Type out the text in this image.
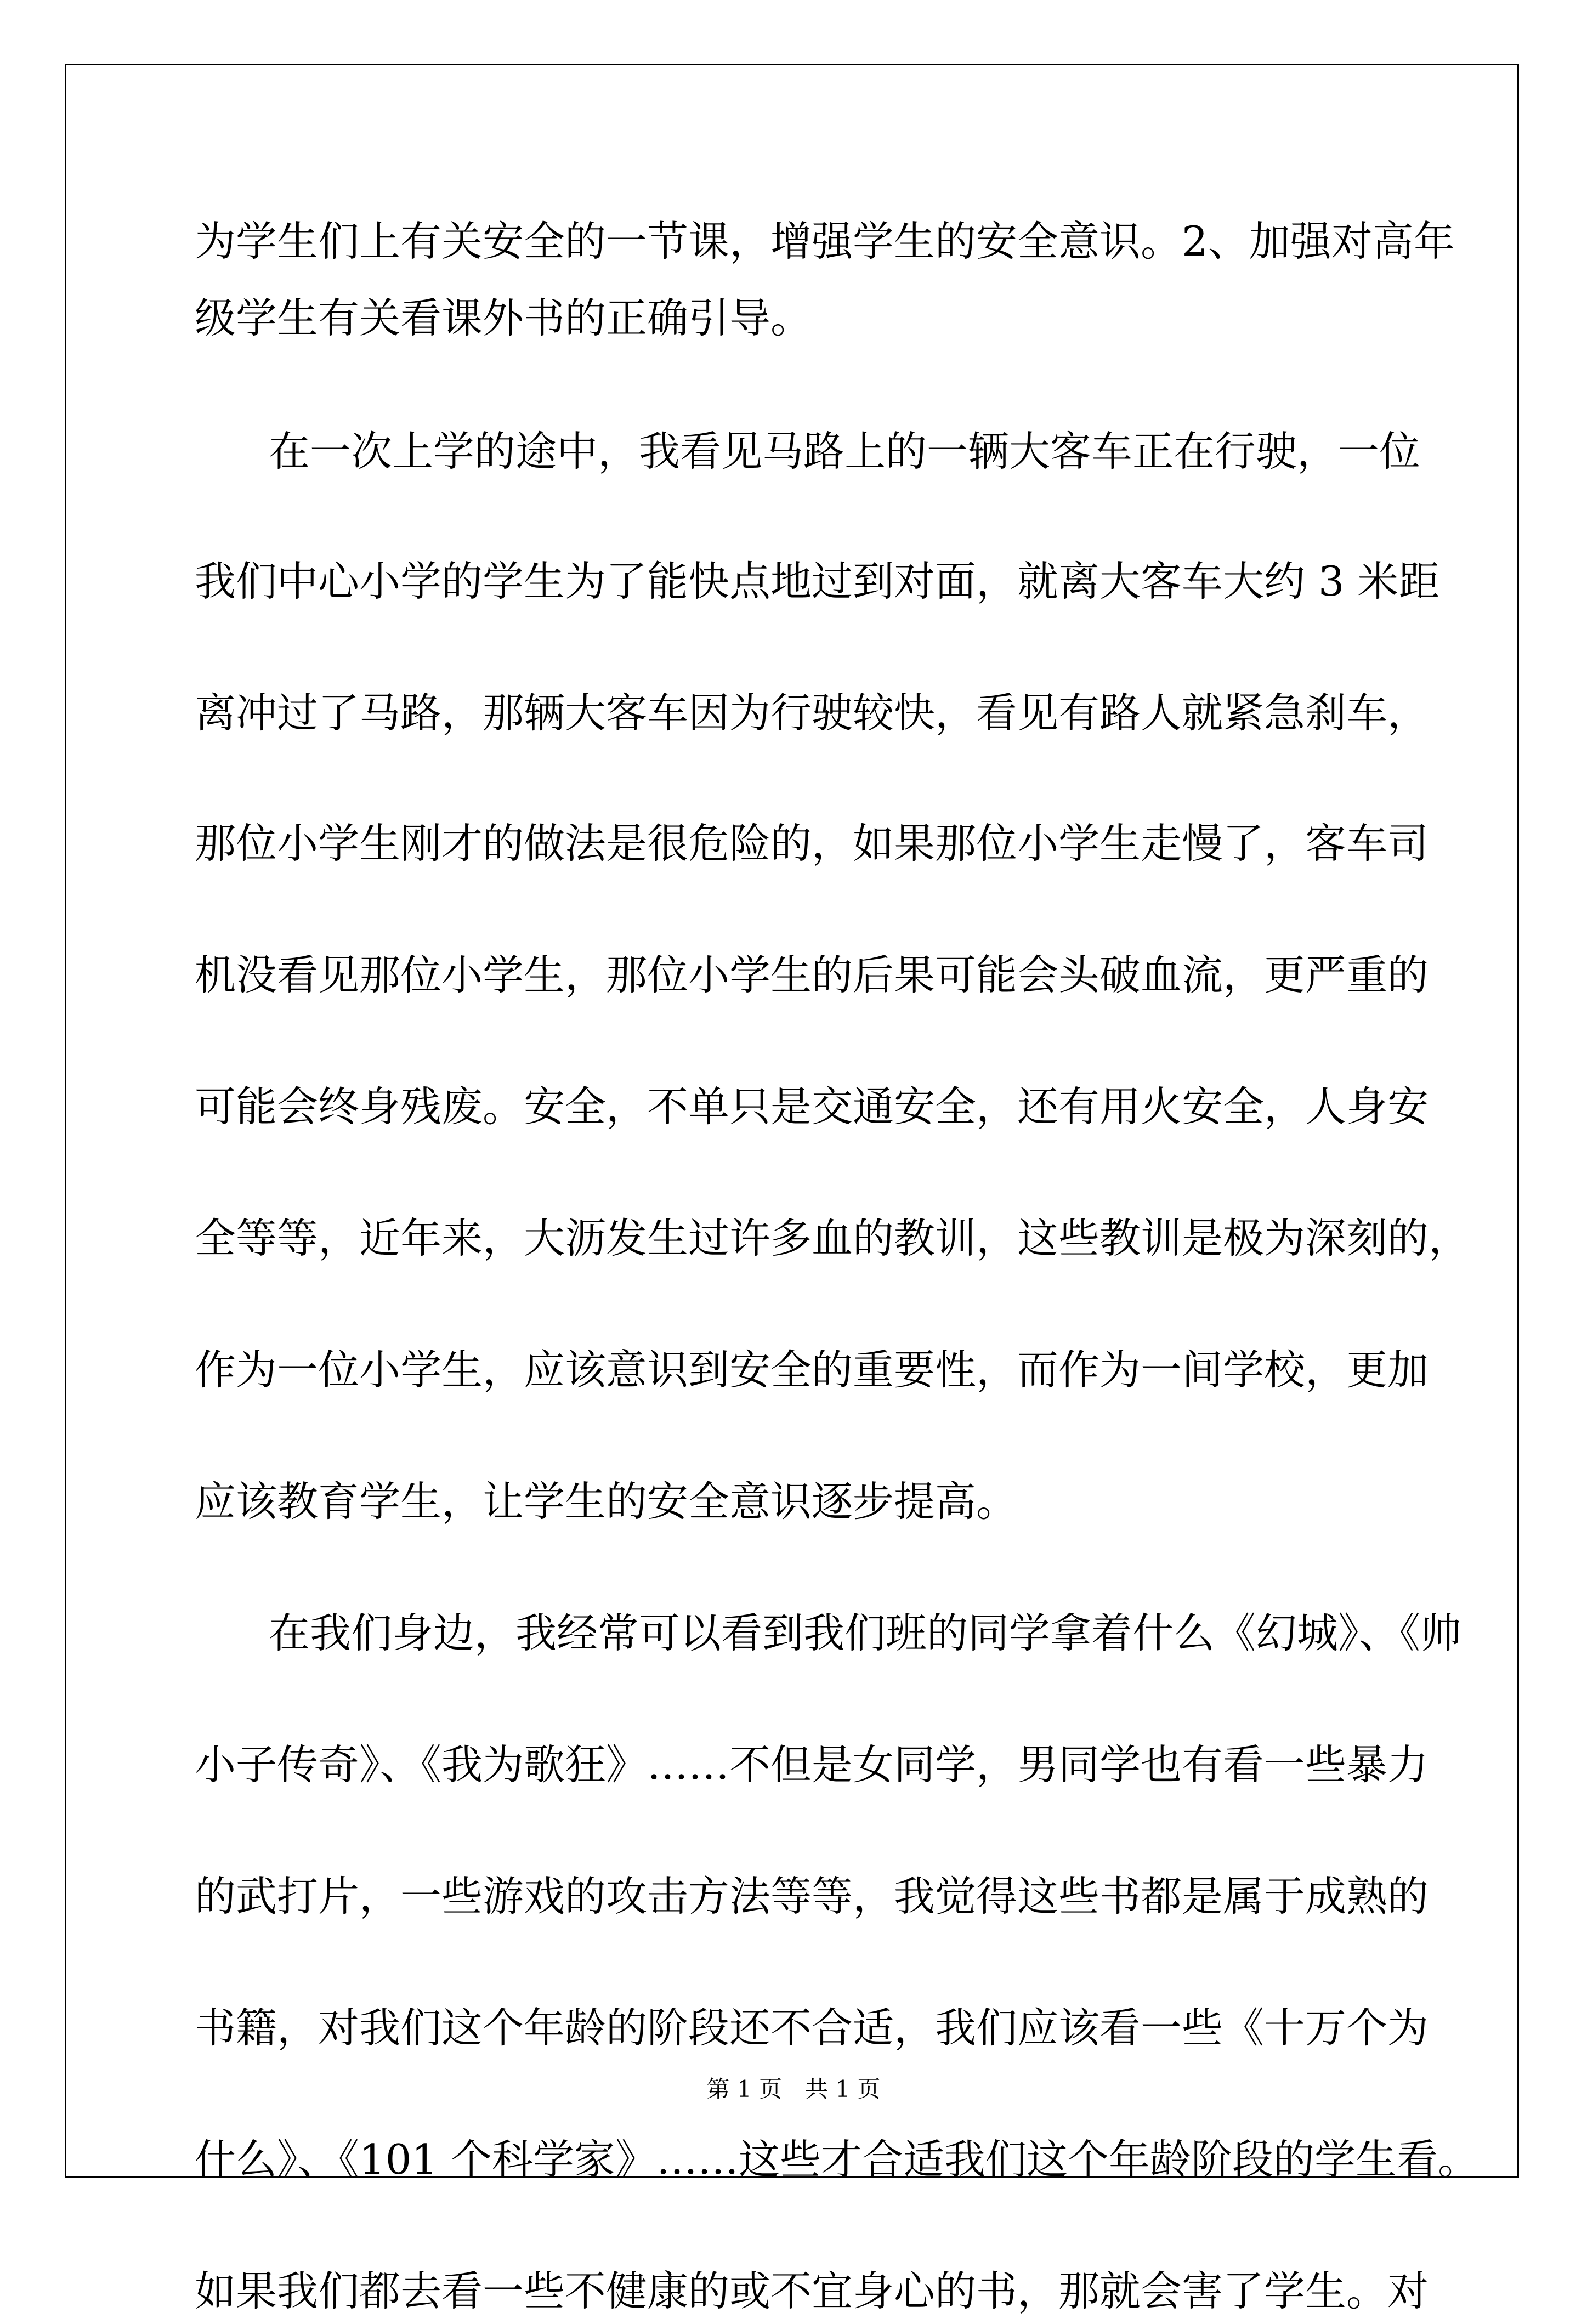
为学生们上有关安全的一节课，增强学生的安全意识。2、加强对高年
级学生有关看课外书的正确引导。
在一次上学的途中，我看见马路上的一辆大客车正在行驶，一位
我们中心小学的学生为了能快点地过到对面，就离大客车大约 3 米距
离冲过了马路，那辆大客车因为行驶较快，看见有路人就紧急刹车，
那位小学生刚才的做法是很危险的，如果那位小学生走慢了，客车司
机没看见那位小学生，那位小学生的后果可能会头破血流，更严重的
可能会终身残废。安全，不单只是交通安全，还有用火安全，人身安
全等等，近年来，大沥发生过许多血的教训，这些教训是极为深刻的，
作为一位小学生，应该意识到安全的重要性，而作为一间学校，更加
应该教育学生，让学生的安全意识逐步提高。
在我们身边，我经常可以看到我们班的同学拿着什么《幻城》、《帅
小子传奇》、《我为歌狂》……不但是女同学，男同学也有看一些暴力
的武打片，一些游戏的攻击方法等等，我觉得这些书都是属于成熟的
书籍，对我们这个年龄的阶段还不合适，我们应该看一些《十万个为
什么》、《101 个科学家》……这些才合适我们这个年龄阶段的学生看。
如果我们都去看一些不健康的或不宜身心的书，那就会害了学生。对
第 1 页　共 1 页
